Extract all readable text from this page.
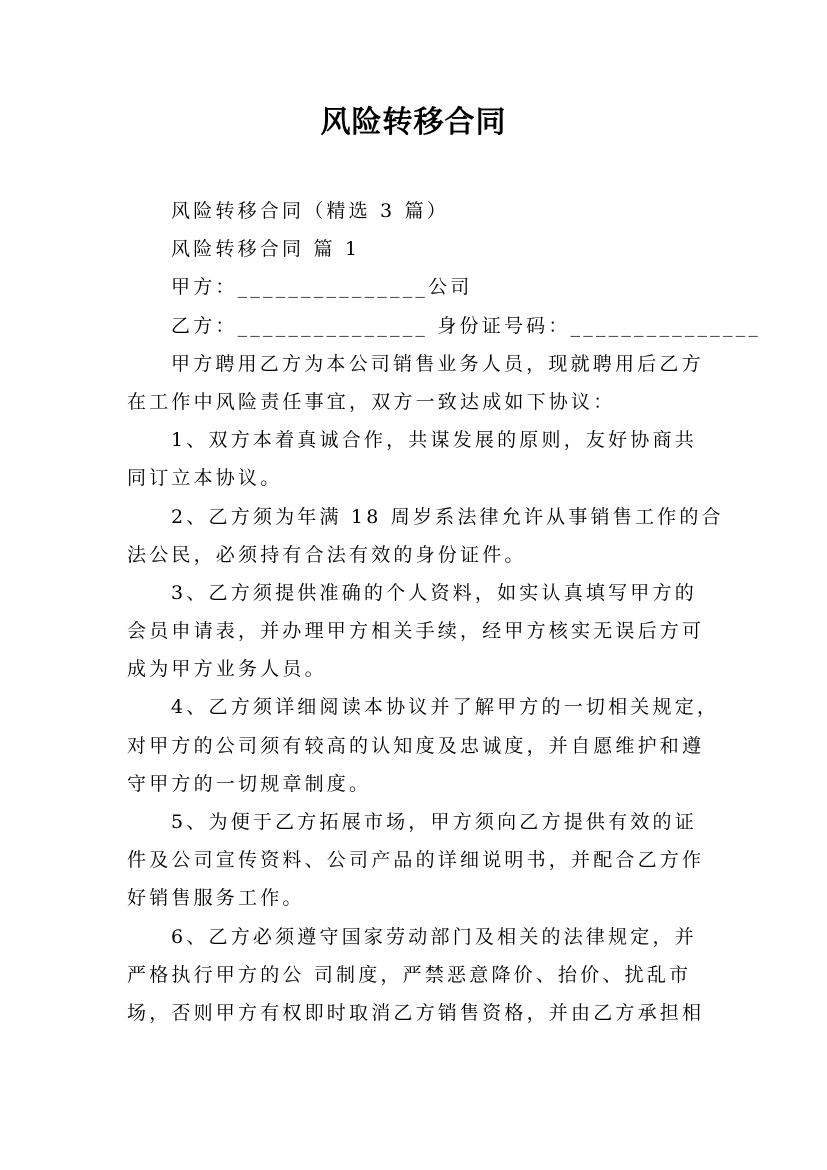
风险转移合同
风险转移合同（精选 3 篇）
风险转移合同 篇 1
甲方：_______________公司
乙方：_______________ 身份证号码：_______________
甲方聘用乙方为本公司销售业务人员，现就聘用后乙方
在工作中风险责任事宜，双方一致达成如下协议：
1、双方本着真诚合作，共谋发展的原则，友好协商共
同订立本协议。
2、乙方须为年满 18 周岁系法律允许从事销售工作的合
法公民，必须持有合法有效的身份证件。
3、乙方须提供准确的个人资料，如实认真填写甲方的
会员申请表，并办理甲方相关手续，经甲方核实无误后方可
成为甲方业务人员。
4、乙方须详细阅读本协议并了解甲方的一切相关规定，
对甲方的公司须有较高的认知度及忠诚度，并自愿维护和遵
守甲方的一切规章制度。
5、为便于乙方拓展市场，甲方须向乙方提供有效的证
件及公司宣传资料、公司产品的详细说明书，并配合乙方作
好销售服务工作。
6、乙方必须遵守国家劳动部门及相关的法律规定，并
严格执行甲方的公 司制度，严禁恶意降价、抬价、扰乱市
场，否则甲方有权即时取消乙方销售资格，并由乙方承担相
